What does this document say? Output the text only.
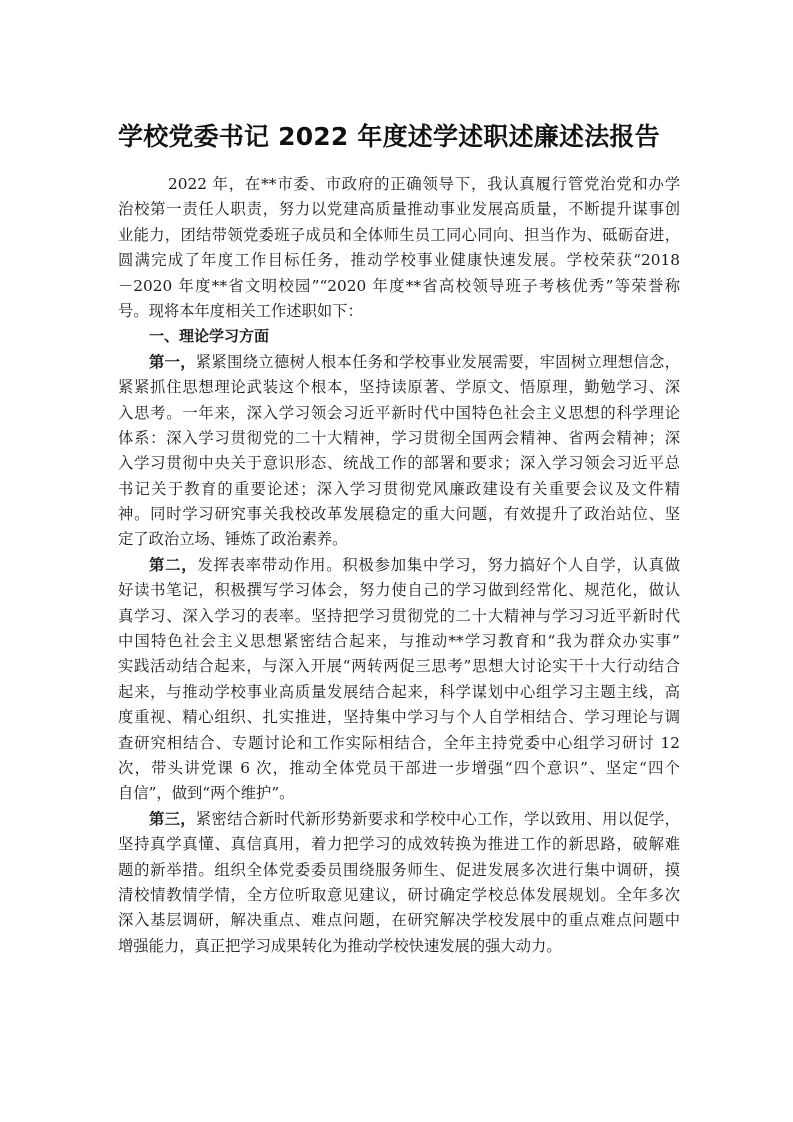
学校党委书记 2022 年度述学述职述廉述法报告
2022 年，在**市委、市政府的正确领导下，我认真履行管党治党和办学
治校第一责任人职责，努力以党建高质量推动事业发展高质量，不断提升谋事创
业能力，团结带领党委班子成员和全体师生员工同心同向、担当作为、砥砺奋进，
圆满完成了年度工作目标任务，推动学校事业健康快速发展。学校荣获“2018
－2020 年度**省文明校园”“2020 年度**省高校领导班子考核优秀”等荣誉称
号。现将本年度相关工作述职如下：
一、理论学习方面
第一，紧紧围绕立德树人根本任务和学校事业发展需要，牢固树立理想信念，
紧紧抓住思想理论武装这个根本，坚持读原著、学原文、悟原理，勤勉学习、深
入思考。一年来，深入学习领会习近平新时代中国特色社会主义思想的科学理论
体系：深入学习贯彻党的二十大精神，学习贯彻全国两会精神、省两会精神；深
入学习贯彻中央关于意识形态、统战工作的部署和要求；深入学习领会习近平总
书记关于教育的重要论述；深入学习贯彻党风廉政建设有关重要会议及文件精
神。同时学习研究事关我校改革发展稳定的重大问题，有效提升了政治站位、坚
定了政治立场、锤炼了政治素养。
第二，发挥表率带动作用。积极参加集中学习，努力搞好个人自学，认真做
好读书笔记，积极撰写学习体会，努力使自己的学习做到经常化、规范化，做认
真学习、深入学习的表率。坚持把学习贯彻党的二十大精神与学习习近平新时代
中国特色社会主义思想紧密结合起来，与推动**学习教育和“我为群众办实事”
实践活动结合起来，与深入开展“两转两促三思考”思想大讨论实干十大行动结合
起来，与推动学校事业高质量发展结合起来，科学谋划中心组学习主题主线，高
度重视、精心组织、扎实推进，坚持集中学习与个人自学相结合、学习理论与调
查研究相结合、专题讨论和工作实际相结合，全年主持党委中心组学习研讨 12
次，带头讲党课 6 次，推动全体党员干部进一步增强“四个意识”、坚定“四个
自信”，做到“两个维护”。
第三，紧密结合新时代新形势新要求和学校中心工作，学以致用、用以促学，
坚持真学真懂、真信真用，着力把学习的成效转换为推进工作的新思路，破解难
题的新举措。组织全体党委委员围绕服务师生、促进发展多次进行集中调研，摸
清校情教情学情，全方位听取意见建议，研讨确定学校总体发展规划。全年多次
深入基层调研，解决重点、难点问题，在研究解决学校发展中的重点难点问题中
增强能力，真正把学习成果转化为推动学校快速发展的强大动力。
